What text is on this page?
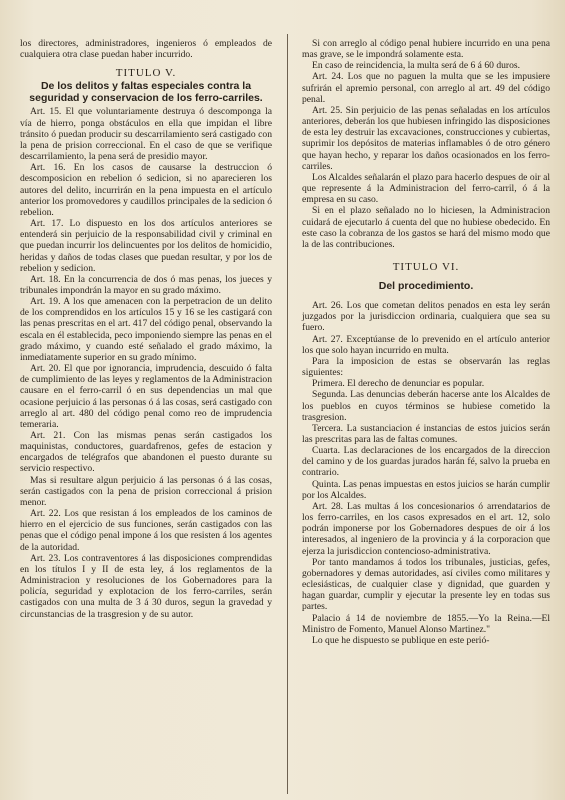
los directores, administradores, ingenieros ó empleados de cualquiera otra clase puedan haber incurrido.

TITULO V.
De los delitos y faltas especiales contra la seguridad y conservacion de los ferro-carriles.

Art. 15. El que voluntariamente destruya ó descomponga la vía de hierro, ponga obstáculos en ella que impidan el libre tránsito ó puedan producir su descarrilamiento será castigado con la pena de prision correccional. En el caso de que se verifique descarrilamiento, la pena será de presidio mayor.

Art. 16. En los casos de causarse la destruccion ó descomposicion en rebelion ó sedicion, si no aparecieren los autores del delito, incurrirán en la pena impuesta en el artículo anterior los promovedores y caudillos principales de la sedicion ó rebelion.

Art. 17. Lo dispuesto en los dos artículos anteriores se entenderá sin perjuicio de la responsabilidad civil y criminal en que puedan incurrir los delincuentes por los delitos de homicidio, heridas y daños de todas clases que puedan resultar, y por los de rebelion y sedicion.

Art. 18. En la concurrencia de dos ó mas penas, los jueces y tribunales impondrán la mayor en su grado máximo.

Art. 19. A los que amenacen con la perpetracion de un delito de los comprendidos en los artículos 15 y 16 se les castigará con las penas prescritas en el art. 417 del código penal, observando la escala en él establecida, peco imponiendo siempre las penas en el grado máximo, y cuando esté señalado el grado máximo, la inmediatamente superior en su grado mínimo.

Art. 20. El que por ignorancia, imprudencia, descuido ó falta de cumplimiento de las leyes y reglamentos de la Administracion causare en el ferro-carril ó en sus dependencias un mal que ocasione perjuicio á las personas ó á las cosas, será castigado con arreglo al art. 480 del código penal como reo de imprudencia temeraria.

Art. 21. Con las mismas penas serán castigados los maquinistas, conductores, guardafrenos, gefes de estacion y encargados de telégrafos que abandonen el puesto durante su servicio respectivo.

Mas si resultare algun perjuicio á las personas ó á las cosas, serán castigados con la pena de prision correccional á prision menor.

Art. 22. Los que resistan á los empleados de los caminos de hierro en el ejercicio de sus funciones, serán castigados con las penas que el código penal impone á los que resisten á los agentes de la autoridad.

Art. 23. Los contraventores á las disposiciones comprendidas en los títulos I y II de esta ley, á los reglamentos de la Administracion y resoluciones de los Gobernadores para la policía, seguridad y explotacion de los ferro-carriles, serán castigados con una multa de 3 á 30 duros, segun la gravedad y circunstancias de la trasgresion y de su autor.

Si con arreglo al código penal hubiere incurrido en una pena mas grave, se le impondrá solamente esta.

En caso de reincidencia, la multa será de 6 á 60 duros.

Art. 24. Los que no paguen la multa que se les impusiere sufrirán el apremio personal, con arreglo al art. 49 del código penal.

Art. 25. Sin perjuicio de las penas señaladas en los artículos anteriores, deberán los que hubiesen infringido las disposiciones de esta ley destruir las excavaciones, construcciones y cubiertas, suprimir los depósitos de materias inflamables ó de otro género que hayan hecho, y reparar los daños ocasionados en los ferro-carriles.

Los Alcaldes señalarán el plazo para hacerlo despues de oir al que represente á la Administracion del ferro-carril, ó á la empresa en su caso.

Si en el plazo señalado no lo hiciesen, la Administracion cuidará de ejecutarlo á cuenta del que no hubiese obedecido. En este caso la cobranza de los gastos se hará del mismo modo que la de las contribuciones.

TITULO VI.
Del procedimiento.

Art. 26. Los que cometan delitos penados en esta ley serán juzgados por la jurisdiccion ordinaria, cualquiera que sea su fuero.

Art. 27. Exceptúanse de lo prevenido en el artículo anterior los que solo hayan incurrido en multa.

Para la imposicion de estas se observarán las reglas siguientes:

Primera. El derecho de denunciar es popular.

Segunda. Las denuncias deberán hacerse ante los Alcaldes de los pueblos en cuyos términos se hubiese cometido la trasgresion.

Tercera. La sustanciacion é instancias de estos juicios serán las prescritas para las de faltas comunes.

Cuarta. Las declaraciones de los encargados de la direccion del camino y de los guardas jurados harán fé, salvo la prueba en contrario.

Quinta. Las penas impuestas en estos juicios se harán cumplir por los Alcaldes.

Art. 28. Las multas á los concesionarios ó arrendatarios de los ferro-carriles, en los casos expresados en el art. 12, solo podrán imponerse por los Gobernadores despues de oir á los interesados, al ingeniero de la provincia y á la corporacion que ejerza la jurisdiccion contencioso-administrativa.

Por tanto mandamos á todos los tribunales, justicias, gefes, gobernadores y demas autoridades, así civiles como militares y eclesiásticas, de cualquier clase y dignidad, que guarden y hagan guardar, cumplir y ejecutar la presente ley en todas sus partes.

Palacio á 14 de noviembre de 1855.—Yo la Reina.—El Ministro de Fomento, Manuel Alonso Martinez."

Lo que he dispuesto se publique en este perió-
